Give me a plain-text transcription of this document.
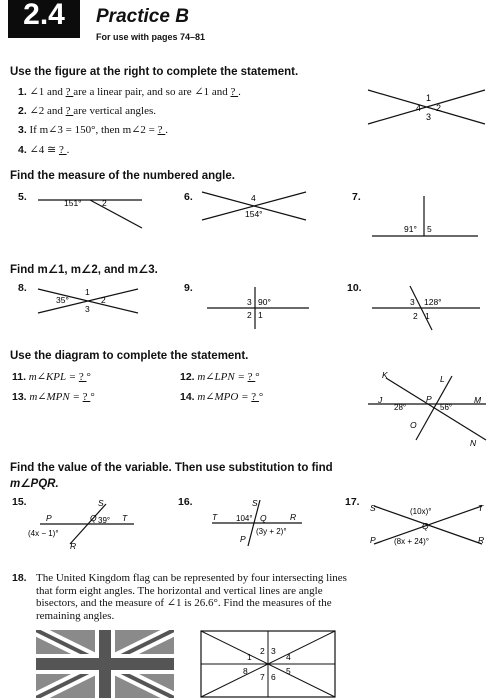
2.4	Practice B
For use with pages 74–81
Use the figure at the right to complete the statement.
1. ∠1 and ? are a linear pair, and so are ∠1 and ? .
2. ∠2 and ? are vertical angles.
3. If m∠3 = 150°, then m∠2 = ? .
4. ∠4 ≅ ? .
4
1
2
3
Find the measure of the numbered angle.
5.	151° 2	6.	4
154°
7.
91° 5
Find m∠1, m∠2, and m∠3.
8.
35°
1
2
3
9.
3 90°
2 1
10.
3 128°
2 1
Use the diagram to complete the statement.
11. m∠KPL = ? °	12. m∠LPN = ? °
13. m∠MPN = ? °	14. m∠MPO = ? °
K	L
J
28°
P
56°
M
O
N
Find the value of the variable. Then use substitution to find
m∠PQR.
15.	S
P	Q 39° T
(4x − 1)°
R
16.	S
T 104° Q	R
P
(3y + 2)°
17. S	T
(10x)°
Q
P (8x + 24)°	R
18. The United Kingdom flag can be represented by four intersecting lines that form eight angles. The horizontal and vertical lines are angle bisectors, and the measure of ∠1 is 26.6°. Find the measures of the remaining angles.
1
2 3
4
5
6
7
8
